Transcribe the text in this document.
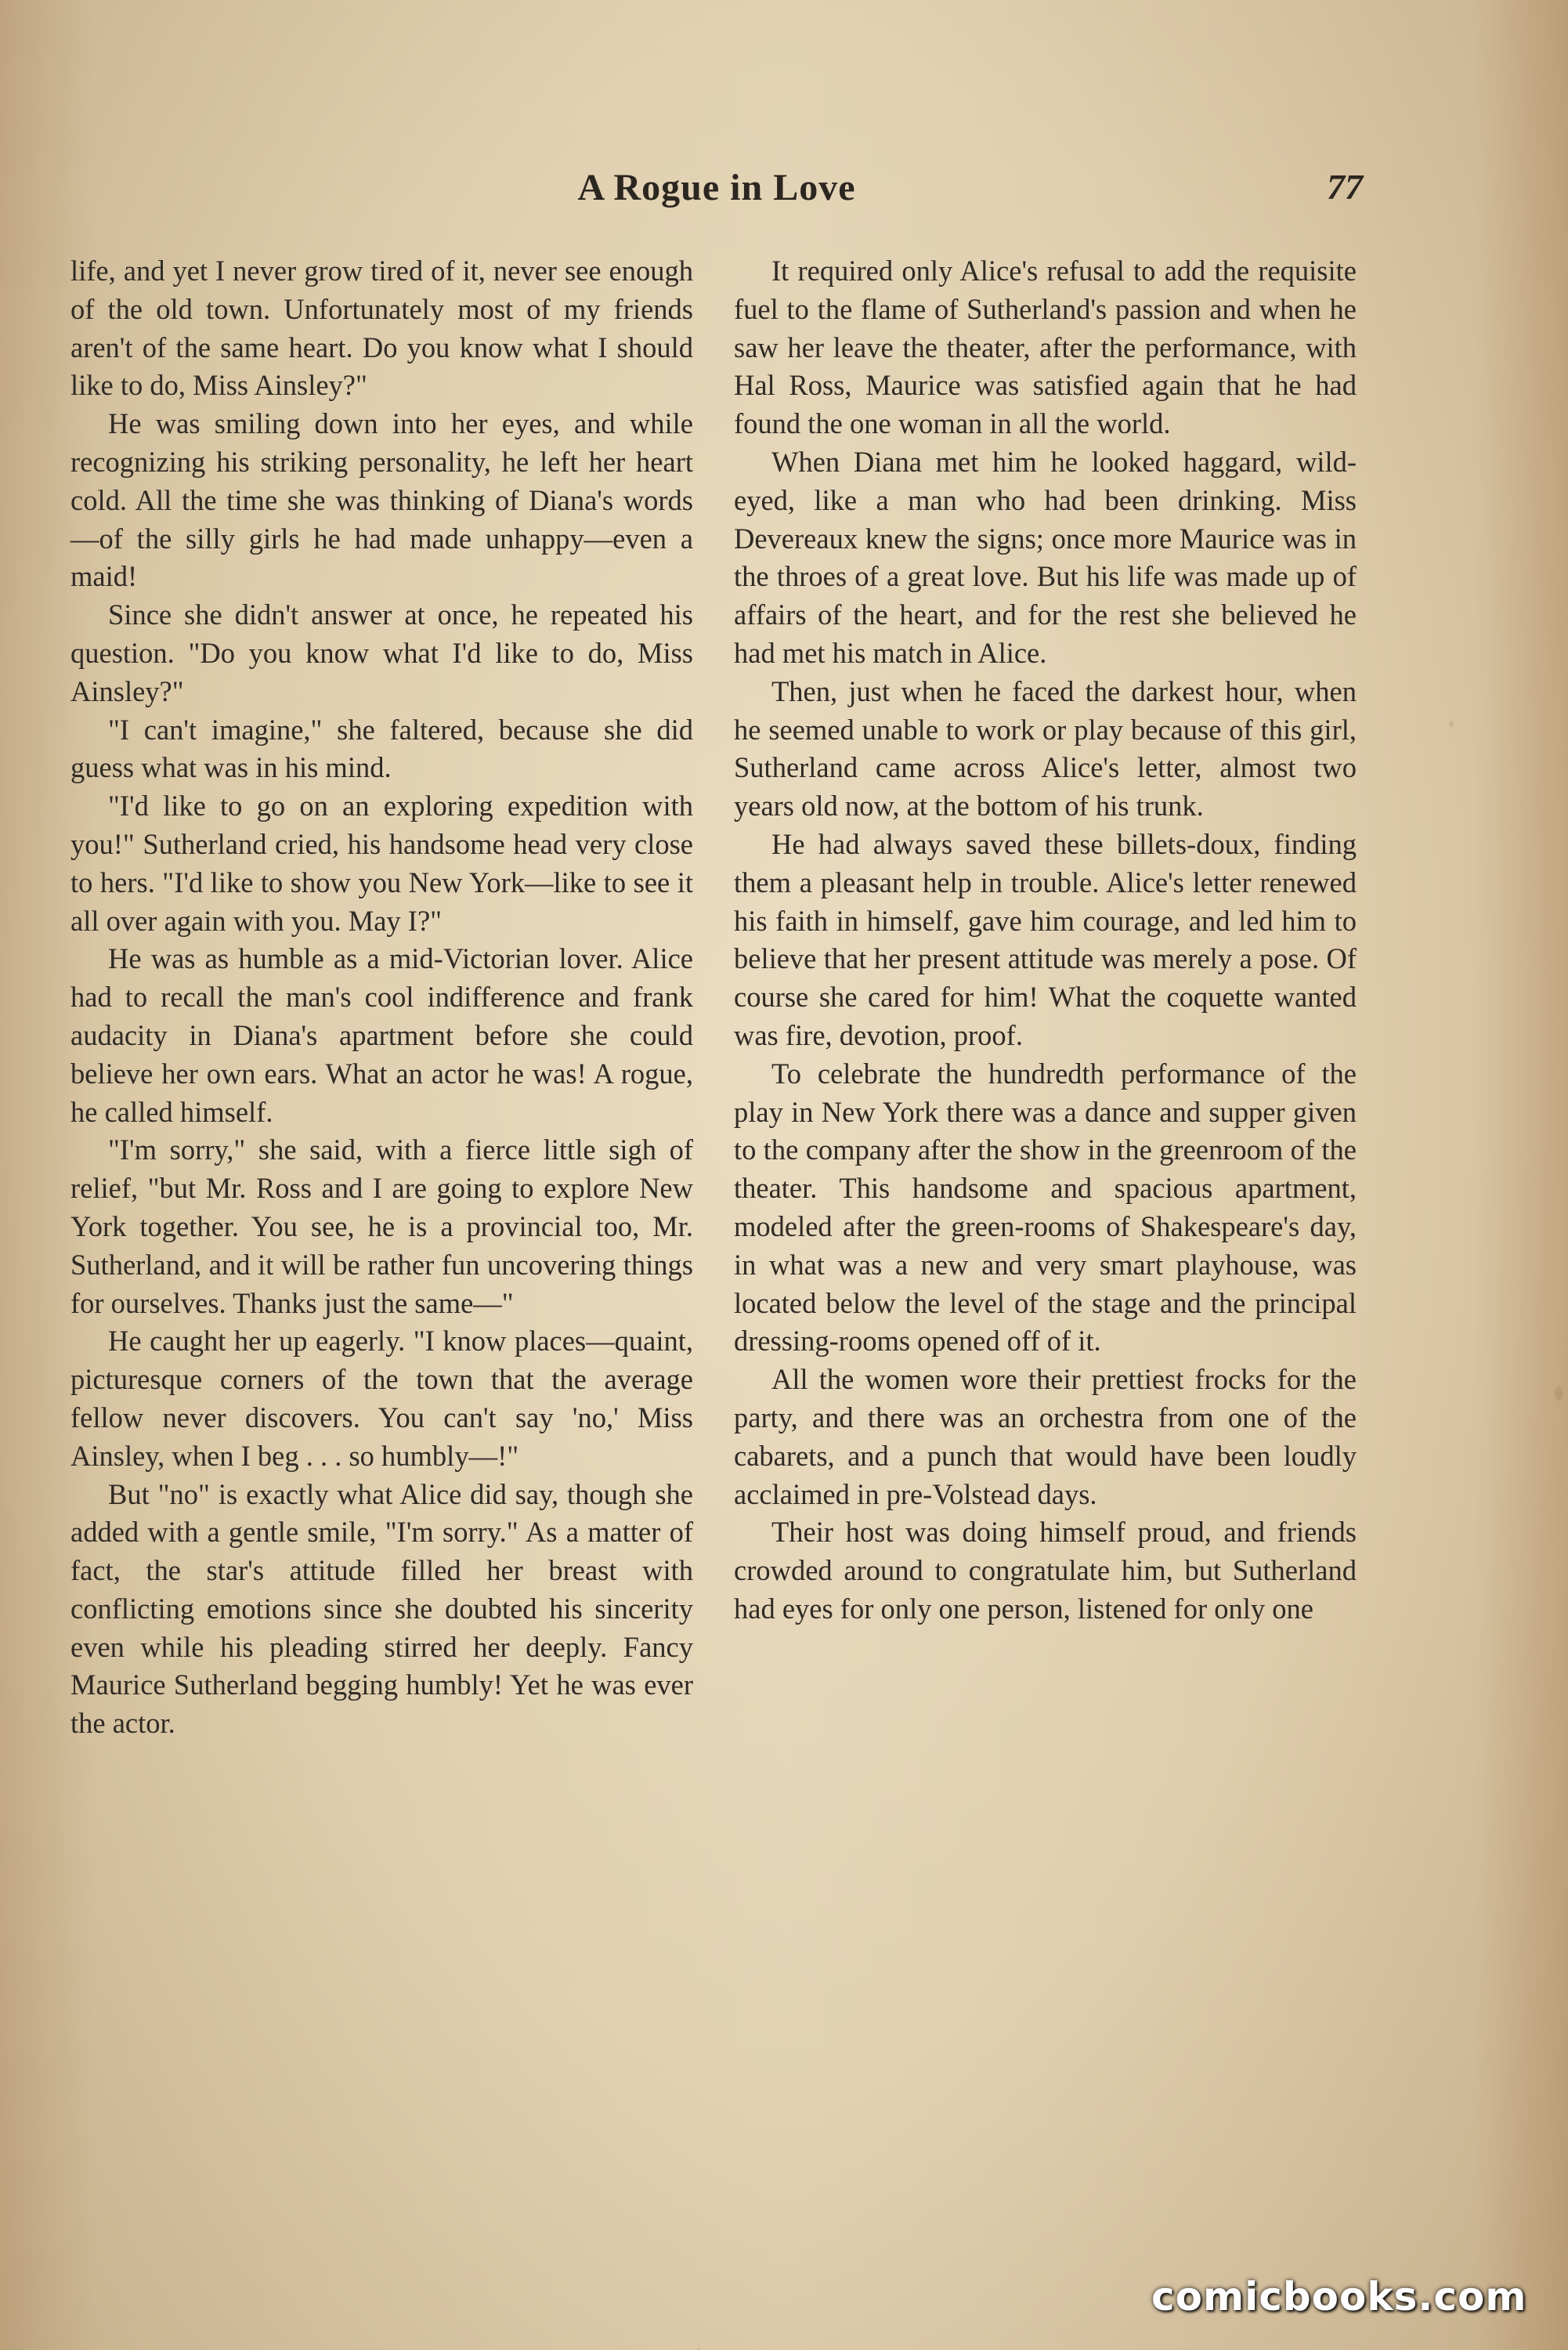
A Rogue in Love	77

life, and yet I never grow tired of it, never see enough of the old town. Unfortunately most of my friends aren't of the same heart. Do you know what I should like to do, Miss Ainsley?"

He was smiling down into her eyes, and while recognizing his striking personality, he left her heart cold. All the time she was thinking of Diana's words—of the silly girls he had made unhappy—even a maid!

Since she didn't answer at once, he repeated his question. "Do you know what I'd like to do, Miss Ainsley?"

"I can't imagine," she faltered, because she did guess what was in his mind.

"I'd like to go on an exploring expedition with you!" Sutherland cried, his handsome head very close to hers. "I'd like to show you New York—like to see it all over again with you. May I?"

He was as humble as a mid-Victorian lover. Alice had to recall the man's cool indifference and frank audacity in Diana's apartment before she could believe her own ears. What an actor he was! A rogue, he called himself.

"I'm sorry," she said, with a fierce little sigh of relief, "but Mr. Ross and I are going to explore New York together. You see, he is a provincial too, Mr. Sutherland, and it will be rather fun uncovering things for ourselves. Thanks just the same—"

He caught her up eagerly. "I know places—quaint, picturesque corners of the town that the average fellow never discovers. You can't say 'no,' Miss Ainsley, when I beg . . . so humbly—!"

But "no" is exactly what Alice did say, though she added with a gentle smile, "I'm sorry." As a matter of fact, the star's attitude filled her breast with conflicting emotions since she doubted his sincerity even while his pleading stirred her deeply. Fancy Maurice Sutherland begging humbly! Yet he was ever the actor.

It required only Alice's refusal to add the requisite fuel to the flame of Sutherland's passion and when he saw her leave the theater, after the performance, with Hal Ross, Maurice was satisfied again that he had found the one woman in all the world.

When Diana met him he looked haggard, wild-eyed, like a man who had been drinking. Miss Devereaux knew the signs; once more Maurice was in the throes of a great love. But his life was made up of affairs of the heart, and for the rest she believed he had met his match in Alice.

Then, just when he faced the darkest hour, when he seemed unable to work or play because of this girl, Sutherland came across Alice's letter, almost two years old now, at the bottom of his trunk.

He had always saved these billets-doux, finding them a pleasant help in trouble. Alice's letter renewed his faith in himself, gave him courage, and led him to believe that her present attitude was merely a pose. Of course she cared for him! What the coquette wanted was fire, devotion, proof.

To celebrate the hundredth performance of the play in New York there was a dance and supper given to the company after the show in the greenroom of the theater. This handsome and spacious apartment, modeled after the green-rooms of Shakespeare's day, in what was a new and very smart playhouse, was located below the level of the stage and the principal dressing-rooms opened off of it.

All the women wore their prettiest frocks for the party, and there was an orchestra from one of the cabarets, and a punch that would have been loudly acclaimed in pre-Volstead days.

Their host was doing himself proud, and friends crowded around to congratulate him, but Sutherland had eyes for only one person, listened for only one

comicbooks.com
